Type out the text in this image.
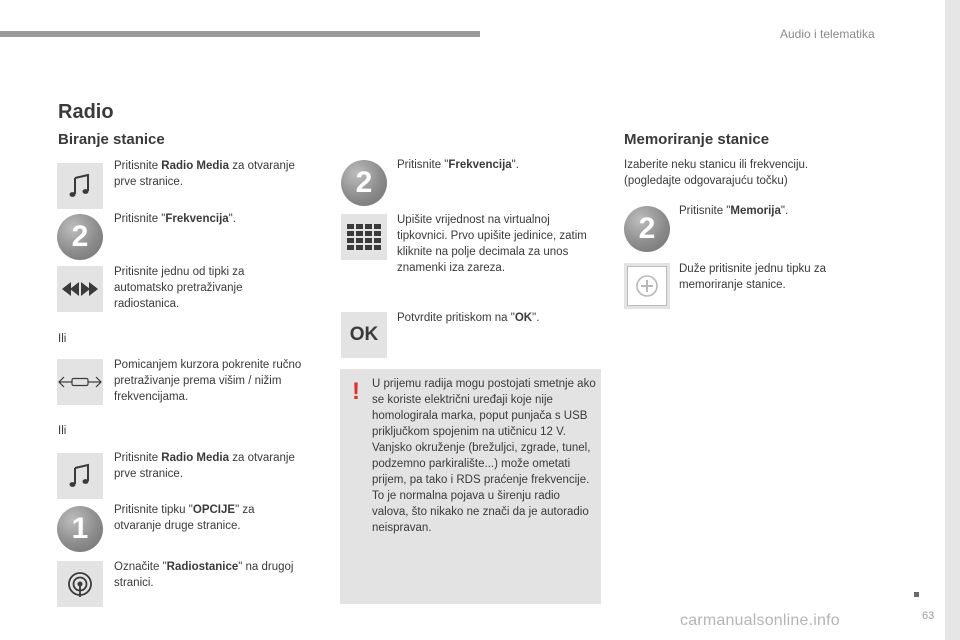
Audio i telematika
63
Radio
Biranje stanice
Pritisnite Radio Media za otvaranje prve stranice.
2
Pritisnite "Frekvencija".
Pritisnite jednu od tipki za automatsko pretraživanje radiostanica.
Ili
Pomicanjem kurzora pokrenite ručno pretraživanje prema višim / nižim frekvencijama.
Ili
Pritisnite Radio Media za otvaranje prve stranice.
1
Pritisnite tipku "OPCIJE" za otvaranje druge stranice.
Označite "Radiostanice" na drugoj stranici.
2
Pritisnite "Frekvencija".
Upišite vrijednost na virtualnoj tipkovnici. Prvo upišite jedinice, zatim kliknite na polje decimala za unos znamenki iza zareza.
OK
Potvrdite pritiskom na "OK".
! U prijemu radija mogu postojati smetnje ako se koriste električni uređaji koje nije homologirala marka, poput punjača s USB priključkom spojenim na utičnicu 12 V. Vanjsko okruženje (brežuljci, zgrade, tunel, podzemno parkiralište...) može ometati prijem, pa tako i RDS praćenje frekvencije. To je normalna pojava u širenju radio valova, što nikako ne znači da je autoradio neispravan.
Memoriranje stanice
Izaberite neku stanicu ili frekvenciju. (pogledajte odgovarajuću točku)
2
Pritisnite "Memorija".
Duže pritisnite jednu tipku za memoriranje stanice.
carmanualsonline.info
